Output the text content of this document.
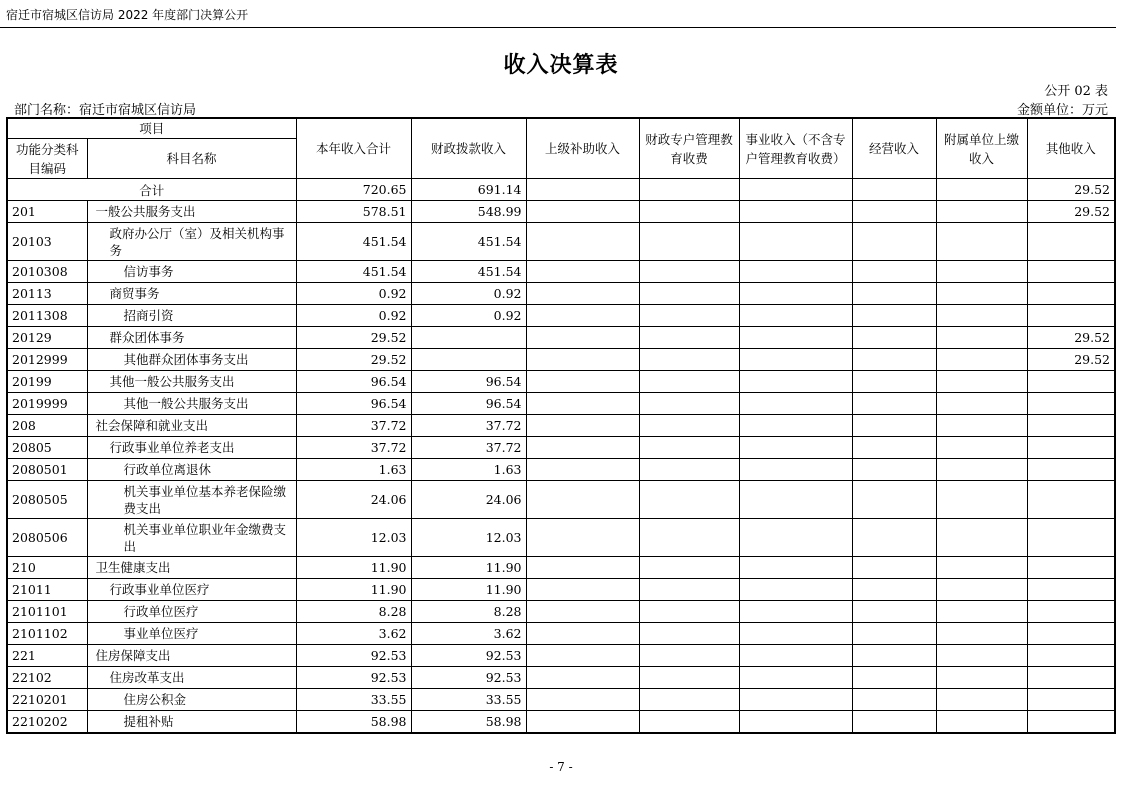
宿迁市宿城区信访局 2022 年度部门决算公开
收入决算表
公开 02 表
部门名称：宿迁市宿城区信访局	金额单位：万元
项目		本年收入合计	财政拨款收入	上级补助收入	财政专户管理教育收费	事业收入（不含专户管理教育收费）	经营收入	附属单位上缴收入	其他收入
功能分类科目编码	科目名称								
合计		720.65	691.14						29.52
201	一般公共服务支出	578.51	548.99						29.52
20103	政府办公厅（室）及相关机构事务	451.54	451.54						
2010308	信访事务	451.54	451.54						
20113	商贸事务	0.92	0.92						
2011308	招商引资	0.92	0.92						
20129	群众团体事务	29.52							29.52
2012999	其他群众团体事务支出	29.52							29.52
20199	其他一般公共服务支出	96.54	96.54						
2019999	其他一般公共服务支出	96.54	96.54						
208	社会保障和就业支出	37.72	37.72						
20805	行政事业单位养老支出	37.72	37.72						
2080501	行政单位离退休	1.63	1.63						
2080505	机关事业单位基本养老保险缴费支出	24.06	24.06						
2080506	机关事业单位职业年金缴费支出	12.03	12.03						
210	卫生健康支出	11.90	11.90						
21011	行政事业单位医疗	11.90	11.90						
2101101	行政单位医疗	8.28	8.28						
2101102	事业单位医疗	3.62	3.62						
221	住房保障支出	92.53	92.53						
22102	住房改革支出	92.53	92.53						
2210201	住房公积金	33.55	33.55						
2210202	提租补贴	58.98	58.98						
- 7 -
